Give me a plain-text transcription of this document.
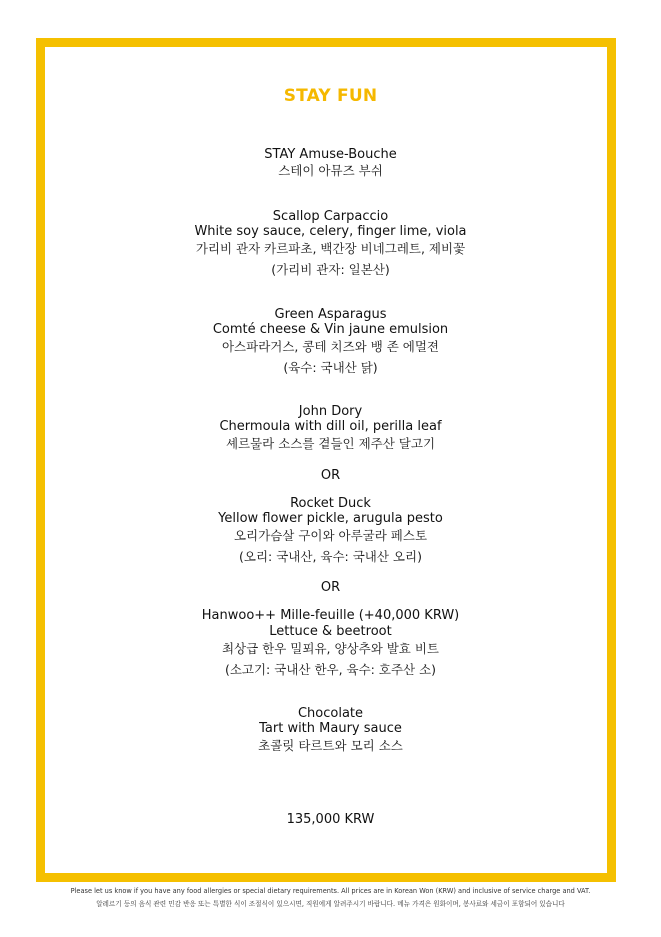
STAY FUN
STAY Amuse-Bouche
스테이 아뮤즈 부쉬
Scallop Carpaccio
White soy sauce, celery, finger lime, viola
가리비 관자 카르파초, 백간장 비네그레트, 제비꽃
(가리비 관자: 일본산)
Green Asparagus
Comté cheese & Vin jaune emulsion
아스파라거스, 콩테 치즈와 뱅 존 에멀젼
(육수: 국내산 닭)
John Dory
Chermoula with dill oil, perilla leaf
셰르물라 소스를 곁들인 제주산 달고기
OR
Rocket Duck
Yellow flower pickle, arugula pesto
오리가슴살 구이와 아루굴라 페스토
(오리: 국내산, 육수: 국내산 오리)
OR
Hanwoo++ Mille-feuille (+40,000 KRW)
Lettuce & beetroot
최상급 한우 밀푀유, 양상추와 발효 비트
(소고기: 국내산 한우, 육수: 호주산 소)
Chocolate
Tart with Maury sauce
초콜릿 타르트와 모리 소스
135,000 KRW
Please let us know if you have any food allergies or special dietary requirements. All prices are in Korean Won (KRW) and inclusive of service charge and VAT.
알레르기 등의 음식 관련 민감 반응 또는 특별한 식이 조절식이 있으시면, 직원에게 알려주시기 바랍니다. 메뉴 가격은 원화이며, 봉사료와 세금이 포함되어 있습니다
